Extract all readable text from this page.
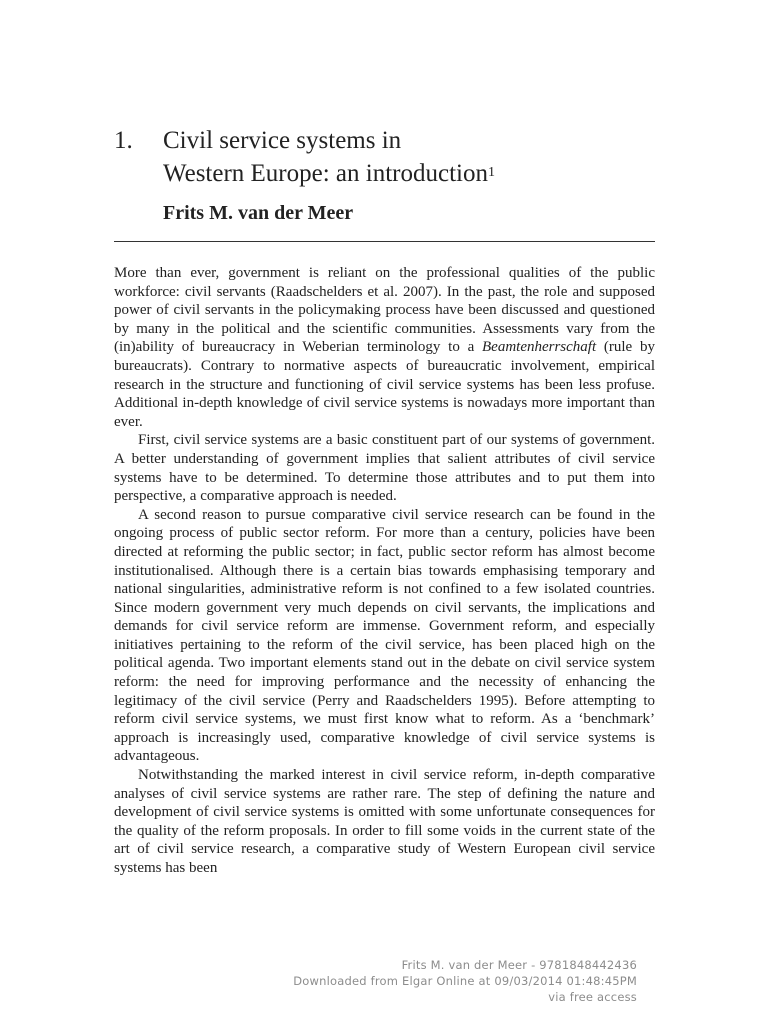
1. Civil service systems in
Western Europe: an introduction$^1$
Frits M. van der Meer

More than ever, government is reliant on the professional qualities of the public workforce: civil servants (Raadschelders et al. 2007). In the past, the role and supposed power of civil servants in the policymaking process have been discussed and questioned by many in the political and the scientific communities. Assessments vary from the (in)ability of bureaucracy in Weberian terminology to a Beamtenherrschaft (rule by bureaucrats). Contrary to normative aspects of bureaucratic involvement, empirical research in the structure and functioning of civil service systems has been less profuse. Additional in-depth knowledge of civil service systems is nowadays more important than ever.

First, civil service systems are a basic constituent part of our systems of government. A better understanding of government implies that salient attributes of civil service systems have to be determined. To determine those attributes and to put them into perspective, a comparative approach is needed.

A second reason to pursue comparative civil service research can be found in the ongoing process of public sector reform. For more than a century, policies have been directed at reforming the public sector; in fact, public sector reform has almost become institutionalised. Although there is a certain bias towards emphasising temporary and national singularities, administrative reform is not confined to a few isolated countries. Since modern government very much depends on civil servants, the implications and demands for civil service reform are immense. Government reform, and especially initiatives pertaining to the reform of the civil service, has been placed high on the political agenda. Two important elements stand out in the debate on civil service system reform: the need for improving performance and the necessity of enhancing the legitimacy of the civil service (Perry and Raadschelders 1995). Before attempting to reform civil service systems, we must first know what to reform. As a ‘benchmark’ approach is increasingly used, comparative knowledge of civil service systems is advantageous.

Notwithstanding the marked interest in civil service reform, in-depth comparative analyses of civil service systems are rather rare. The step of defining the nature and development of civil service systems is omitted with some unfortunate consequences for the quality of the reform proposals. In order to fill some voids in the current state of the art of civil service research, a comparative study of Western European civil service systems has been

Frits M. van der Meer - 9781848442436
Downloaded from Elgar Online at 09/03/2014 01:48:45PM
via free access
